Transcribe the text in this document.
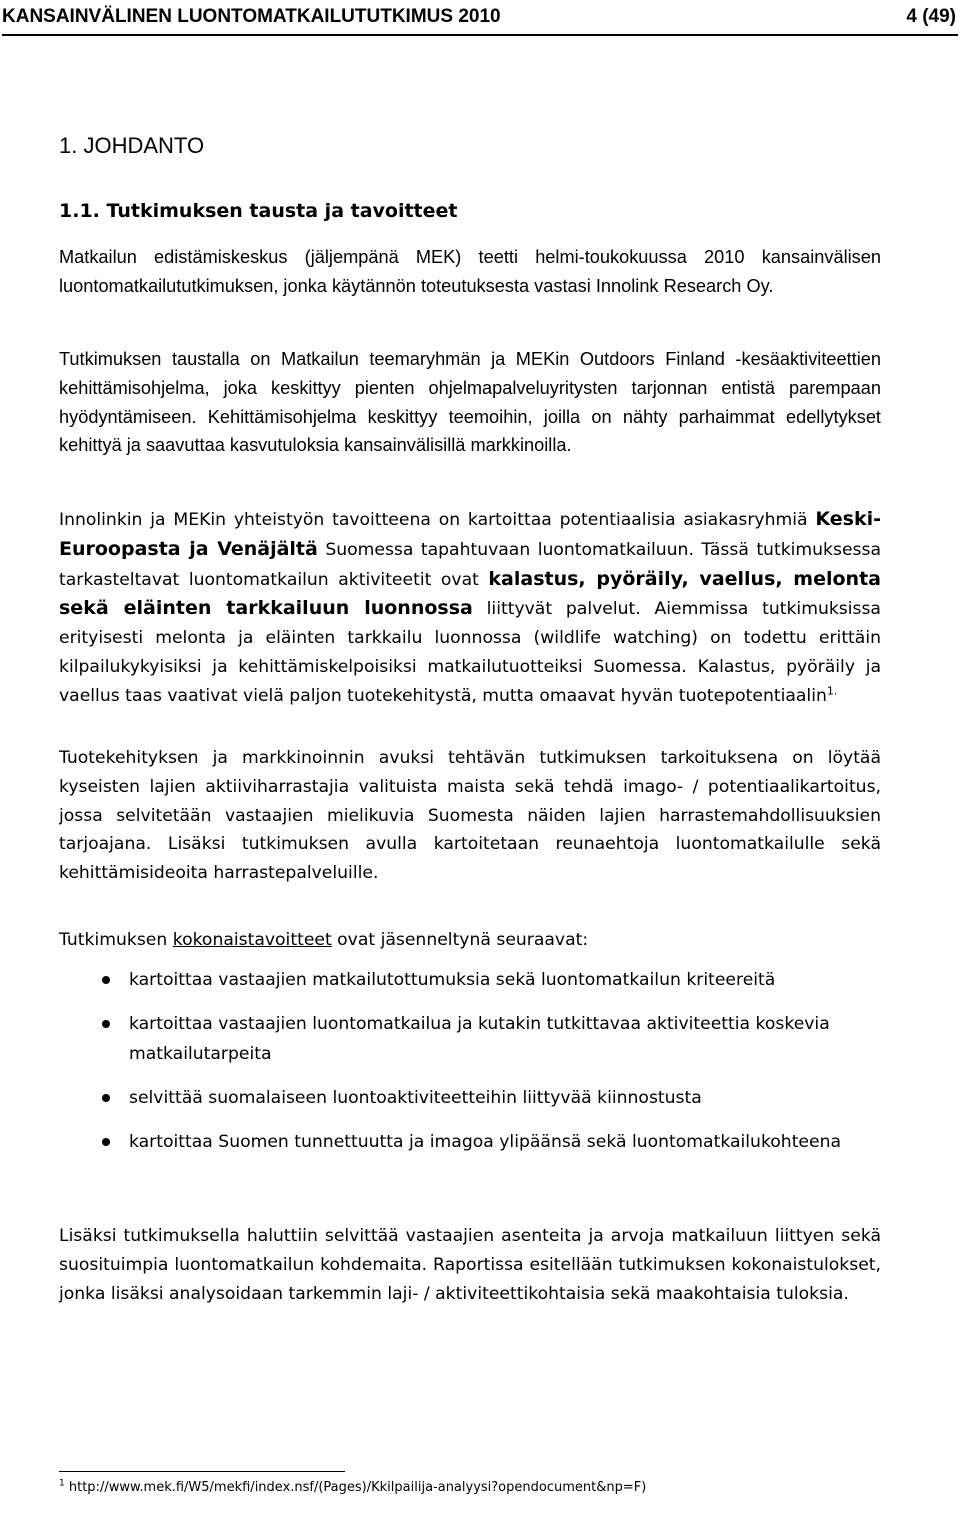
KANSAINVÄLINEN LUONTOMATKAILUTUTKIMUS 2010	4 (49)
1. JOHDANTO
1.1. Tutkimuksen tausta ja tavoitteet
Matkailun edistämiskeskus (jäljempänä MEK) teetti helmi-toukokuussa 2010 kansainvälisen luontomatkailututkimuksen, jonka käytännön toteutuksesta vastasi Innolink Research Oy.
Tutkimuksen taustalla on Matkailun teemaryhmän ja MEKin Outdoors Finland -kesäaktiviteettien kehittämisohjelma, joka keskittyy pienten ohjelmapalveluyritysten tarjonnan entistä parempaan hyödyntämiseen. Kehittämisohjelma keskittyy teemoihin, joilla on nähty parhaimmat edellytykset kehittyä ja saavuttaa kasvutuloksia kansainvälisillä markkinoilla.
Innolinkin ja MEKin yhteistyön tavoitteena on kartoittaa potentiaalisia asiakasryhmiä Keski-Euroopasta ja Venäjältä Suomessa tapahtuvaan luontomatkailuun. Tässä tutkimuksessa tarkasteltavat luontomatkailun aktiviteetit ovat kalastus, pyöräily, vaellus, melonta sekä eläinten tarkkailuun luonnossa liittyvät palvelut. Aiemmissa tutkimuksissa erityisesti melonta ja eläinten tarkkailu luonnossa (wildlife watching) on todettu erittäin kilpailukykyisiksi ja kehittämiskelpoisiksi matkailutuotteiksi Suomessa. Kalastus, pyöräily ja vaellus taas vaativat vielä paljon tuotekehitystä, mutta omaavat hyvän tuotepotentiaalin$^{1.}$
Tuotekehityksen ja markkinoinnin avuksi tehtävän tutkimuksen tarkoituksena on löytää kyseisten lajien aktiiviharrastajia valituista maista sekä tehdä imago- / potentiaalikartoitus, jossa selvitetään vastaajien mielikuvia Suomesta näiden lajien harrastemahdollisuuksien tarjoajana. Lisäksi tutkimuksen avulla kartoitetaan reunaehtoja luontomatkailulle sekä kehittämisideoita harrastepalveluille.
Tutkimuksen kokonaistavoitteet ovat jäsenneltynä seuraavat:
kartoittaa vastaajien matkailutottumuksia sekä luontomatkailun kriteereitä
kartoittaa vastaajien luontomatkailua ja kutakin tutkittavaa aktiviteettia koskevia matkailutarpeita
selvittää suomalaiseen luontoaktiviteetteihin liittyvää kiinnostusta
kartoittaa Suomen tunnettuutta ja imagoa ylipäänsä sekä luontomatkailukohteena
Lisäksi tutkimuksella haluttiin selvittää vastaajien asenteita ja arvoja matkailuun liittyen sekä suosituimpia luontomatkailun kohdemaita. Raportissa esitellään tutkimuksen kokonaistulokset, jonka lisäksi analysoidaan tarkemmin laji- / aktiviteettikohtaisia sekä maakohtaisia tuloksia.
$^1$ http://www.mek.fi/W5/mekfi/index.nsf/(Pages)/Kkilpailija-analyysi?opendocument&np=F)
